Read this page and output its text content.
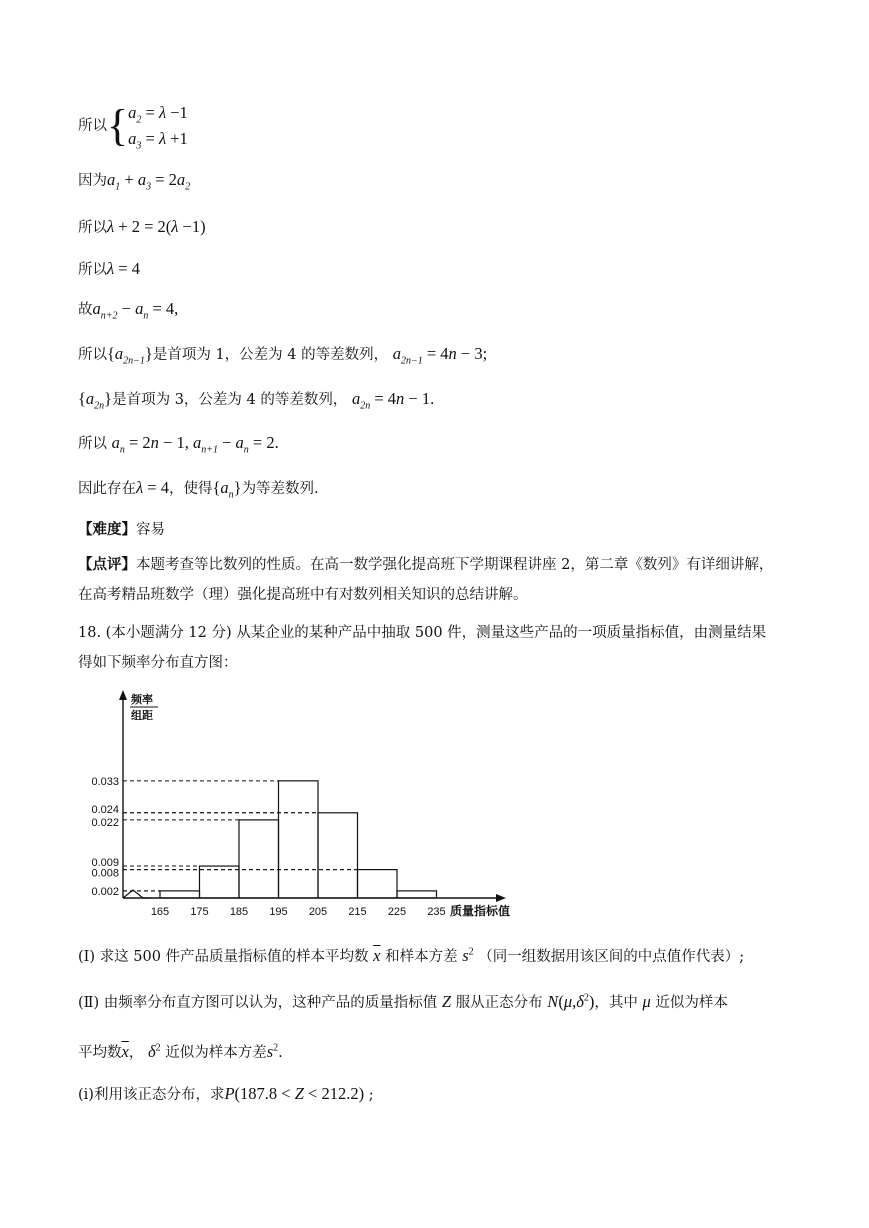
所以{$a_2 = \lambda -1$
$a_3 = \lambda +1$
因为$a_1 + a_3 = 2a_2$
所以λ + 2 = 2(λ −1)
所以λ = 4
故$a_{n+2} - a_n = 4$,
所以$\{a_{2n-1}\}$是首项为 1，公差为 4 的等差数列， $a_{2n-1} = 4n - 3$;
$\{a_{2n}\}$是首项为 3，公差为 4 的等差数列， $a_{2n} = 4n - 1$.
所以 $a_n = 2n - 1$, $a_{n+1} - a_n = 2$.
因此存在λ = 4，使得$\{a_n\}$为等差数列.
【难度】容易
【点评】本题考查等比数列的性质。在高一数学强化提高班下学期课程讲座 2，第二章《数列》有详细讲解，
在高考精品班数学（理）强化提高班中有对数列相关知识的总结讲解。
18. (本小题满分 12 分) 从某企业的某种产品中抽取 500 件，测量这些产品的一项质量指标值，由测量结果
得如下频率分布直方图：
0.033
0.024
0.022
0.009
0.008
0.002
165 175 185 195 205 215 225 235 质量指标值
频率
组距
(Ⅰ) 求这 500 件产品质量指标值的样本平均数 $\overline{x}$ 和样本方差 $s^2$ （同一组数据用该区间的中点值作代表）;
(Ⅱ) 由频率分布直方图可以认为，这种产品的质量指标值 Z 服从正态分布 $N(\mu,\delta^2)$，其中 μ 近似为样本
平均数$\overline{x}$， $\delta^2$ 近似为样本方差$s^2$.
(i)利用该正态分布，求P(187.8 < Z < 212.2) ;
